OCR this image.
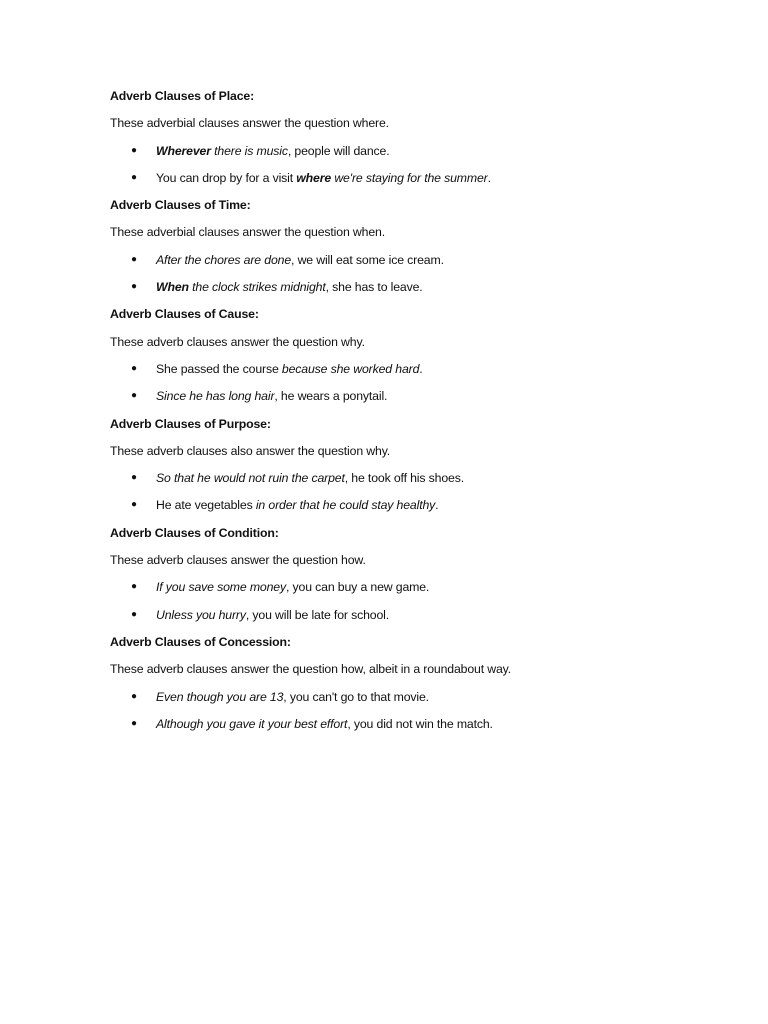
Adverb Clauses of Place:
These adverbial clauses answer the question where.
● Wherever there is music, people will dance.
● You can drop by for a visit where we're staying for the summer.
Adverb Clauses of Time:
These adverbial clauses answer the question when.
● After the chores are done, we will eat some ice cream.
● When the clock strikes midnight, she has to leave.
Adverb Clauses of Cause:
These adverb clauses answer the question why.
● She passed the course because she worked hard.
● Since he has long hair, he wears a ponytail.
Adverb Clauses of Purpose:
These adverb clauses also answer the question why.
● So that he would not ruin the carpet, he took off his shoes.
● He ate vegetables in order that he could stay healthy.
Adverb Clauses of Condition:
These adverb clauses answer the question how.
● If you save some money, you can buy a new game.
● Unless you hurry, you will be late for school.
Adverb Clauses of Concession:
These adverb clauses answer the question how, albeit in a roundabout way.
● Even though you are 13, you can't go to that movie.
● Although you gave it your best effort, you did not win the match.
